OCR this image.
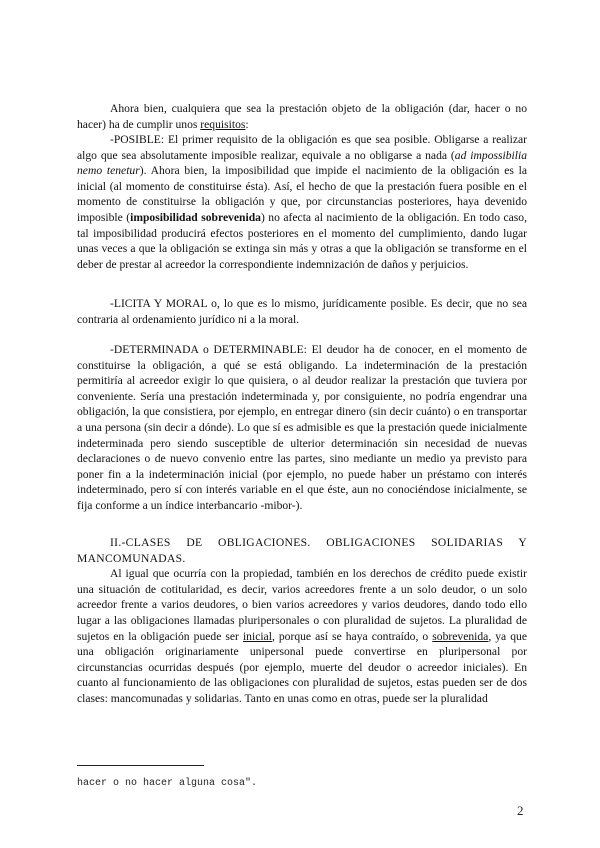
Ahora bien, cualquiera que sea la prestación objeto de la obligación (dar, hacer o no hacer) ha de cumplir unos requisitos:

-POSIBLE: El primer requisito de la obligación es que sea posible. Obligarse a realizar algo que sea absolutamente imposible realizar, equivale a no obligarse a nada (ad impossibilia nemo tenetur). Ahora bien, la imposibilidad que impide el nacimiento de la obligación es la inicial (al momento de constituirse ésta). Así, el hecho de que la prestación fuera posible en el momento de constituirse la obligación y que, por circunstancias posteriores, haya devenido imposible (imposibilidad sobrevenida) no afecta al nacimiento de la obligación. En todo caso, tal imposibilidad producirá efectos posteriores en el momento del cumplimiento, dando lugar unas veces a que la obligación se extinga sin más y otras a que la obligación se transforme en el deber de prestar al acreedor la correspondiente indemnización de daños y perjuicios.

-LICITA Y MORAL o, lo que es lo mismo, jurídicamente posible. Es decir, que no sea contraria al ordenamiento jurídico ni a la moral.

-DETERMINADA o DETERMINABLE: El deudor ha de conocer, en el momento de constituirse la obligación, a qué se está obligando. La indeterminación de la prestación permitiría al acreedor exigir lo que quisiera, o al deudor realizar la prestación que tuviera por conveniente. Sería una prestación indeterminada y, por consiguiente, no podría engendrar una obligación, la que consistiera, por ejemplo, en entregar dinero (sin decir cuánto) o en transportar a una persona (sin decir a dónde). Lo que sí es admisible es que la prestación quede inicialmente indeterminada pero siendo susceptible de ulterior determinación sin necesidad de nuevas declaraciones o de nuevo convenio entre las partes, sino mediante un medio ya previsto para poner fin a la indeterminación inicial (por ejemplo, no puede haber un préstamo con interés indeterminado, pero sí con interés variable en el que éste, aun no conociéndose inicialmente, se fija conforme a un índice interbancario -mibor-).

II.-CLASES DE OBLIGACIONES. OBLIGACIONES SOLIDARIAS Y MANCOMUNADAS.

Al igual que ocurría con la propiedad, también en los derechos de crédito puede existir una situación de cotitularidad, es decir, varios acreedores frente a un solo deudor, o un solo acreedor frente a varios deudores, o bien varios acreedores y varios deudores, dando todo ello lugar a las obligaciones llamadas pluripersonales o con pluralidad de sujetos. La pluralidad de sujetos en la obligación puede ser inicial, porque así se haya contraído, o sobrevenida, ya que una obligación originariamente unipersonal puede convertirse en pluripersonal por circunstancias ocurridas después (por ejemplo, muerte del deudor o acreedor iniciales). En cuanto al funcionamiento de las obligaciones con pluralidad de sujetos, estas pueden ser de dos clases: mancomunadas y solidarias. Tanto en unas como en otras, puede ser la pluralidad

hacer o no hacer alguna cosa".
2
